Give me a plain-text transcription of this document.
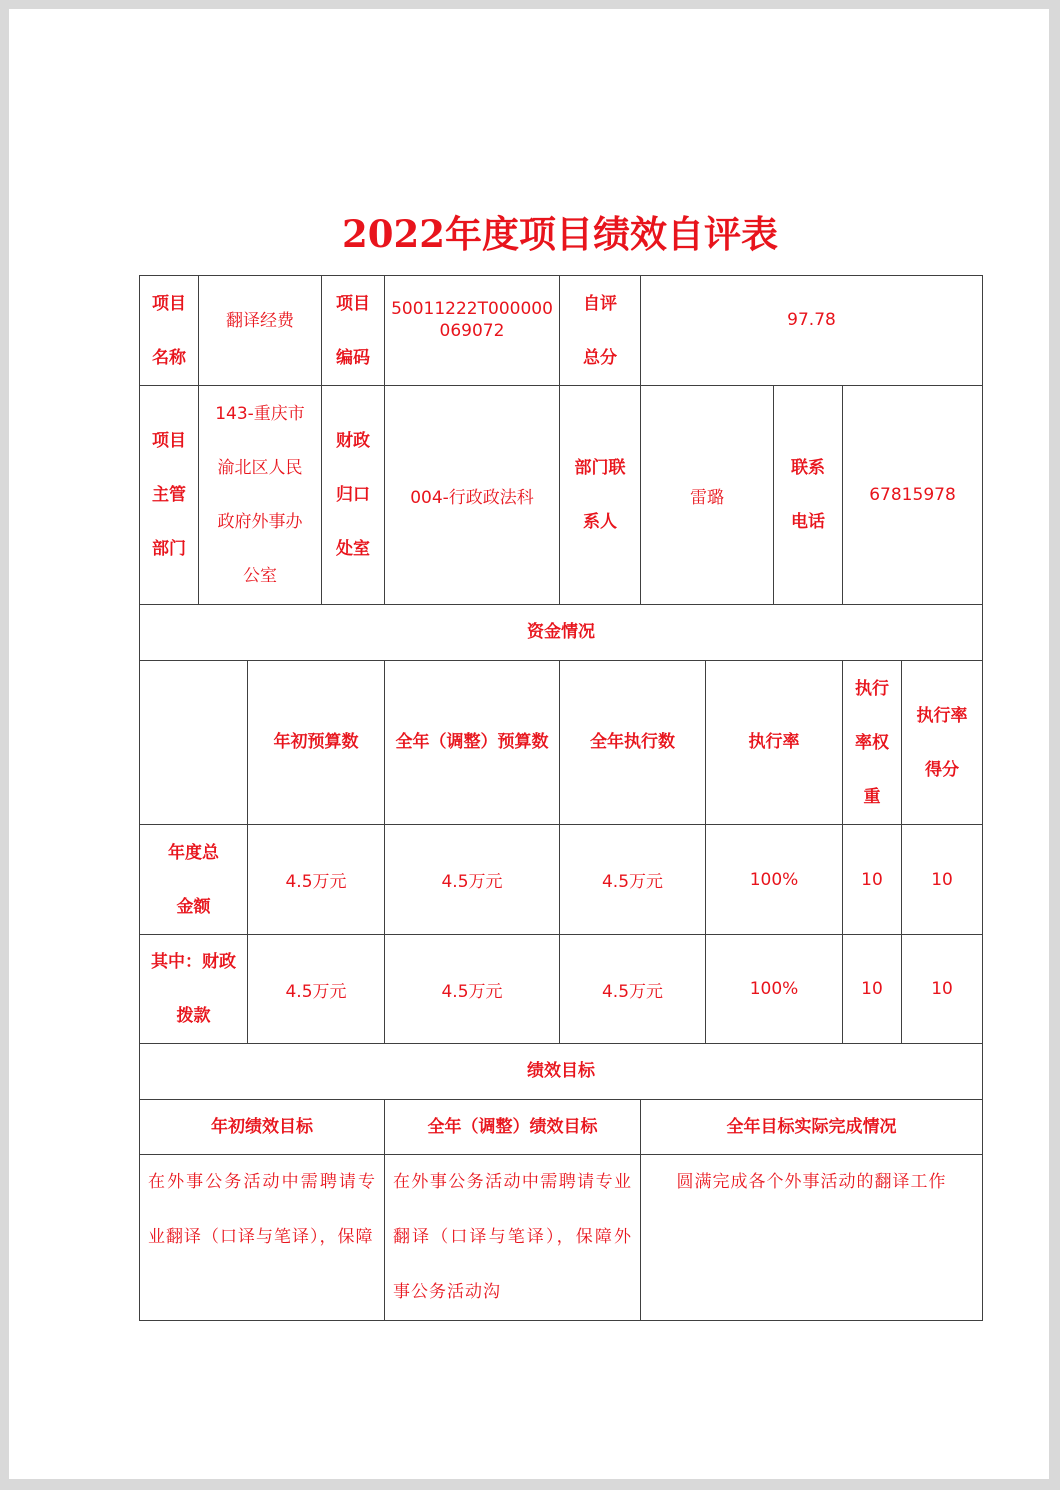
2022年度项目绩效自评表
项目名称	翻译经费		项目编码	50011222T000000069072	自评总分	97.78				

项目主管部门	143-重庆市渝北区人民政府外事办公室		财政归口处室	004-行政政法科	部门联系人	雷璐		联系电话	67815978	
资金情况										
		年初预算数		全年（调整）预算数	全年执行数		执行率		执行率权重	执行率得分

年度总金额		4.5万元		4.5万元	4.5万元		100%		10	10

其中：财政拨款		4.5万元		4.5万元	4.5万元		100%		10	10
绩效目标										
年初绩效目标				全年（调整）绩效目标		全年目标实际完成情况				
在外事公务活动中需聘请专业翻译（口译与笔译），保障				在外事公务活动中需聘请专业翻译（口译与笔译），保障外事公务活动沟		圆满完成各个外事活动的翻译工作				
